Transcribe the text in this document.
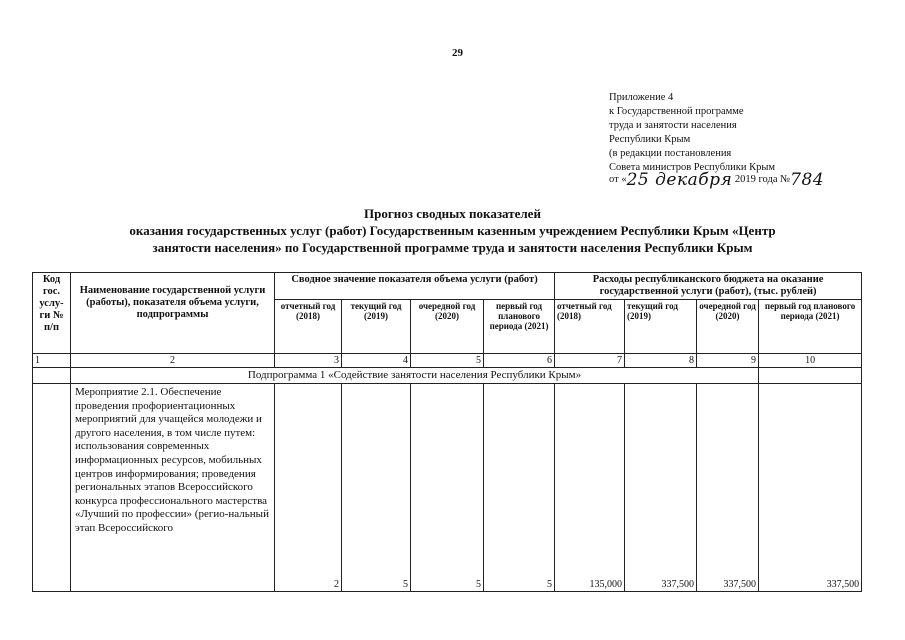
29
Приложение 4
к Государственной программе
труда и занятости населения
Республики Крым
(в редакции постановления
Совета министров Республики Крым
от «25 декабря 2019 года №784
Прогноз сводных показателей
оказания государственных услуг (работ) Государственным казенным учреждением Республики Крым «Центр
занятости населения» по Государственной программе труда и занятости населения Республики Крым
Код гос. услу-ги № п/п	Наименование государственной услуги (работы), показателя объема услуги, подпрограммы	Сводное значение показателя объема услуги (работ)				Расходы республиканского бюджета на оказание государственной услуги (работ), (тыс. рублей)			
		отчетный год (2018)	текущий год (2019)	очередной год (2020)	первый год планового периода (2021)	отчетный год (2018)	текущий год (2019)	очередной год (2020)	первый год планового периода (2021)
1	2	3	4	5	6	7	8	9	10
	Подпрограмма 1 «Содействие занятости населения Республики Крым»								
	Мероприятие 2.1. Обеспечение проведения профориентационных мероприятий для учащейся молодежи и другого населения, в том числе путем: использования современных информационных ресурсов, мобильных центров информирования; проведения региональных этапов Всероссийского конкурса профессионального мастерства «Лучший по профессии» (регио-нальный этап Всероссийского	2	5	5	5	135,000	337,500	337,500	337,500
